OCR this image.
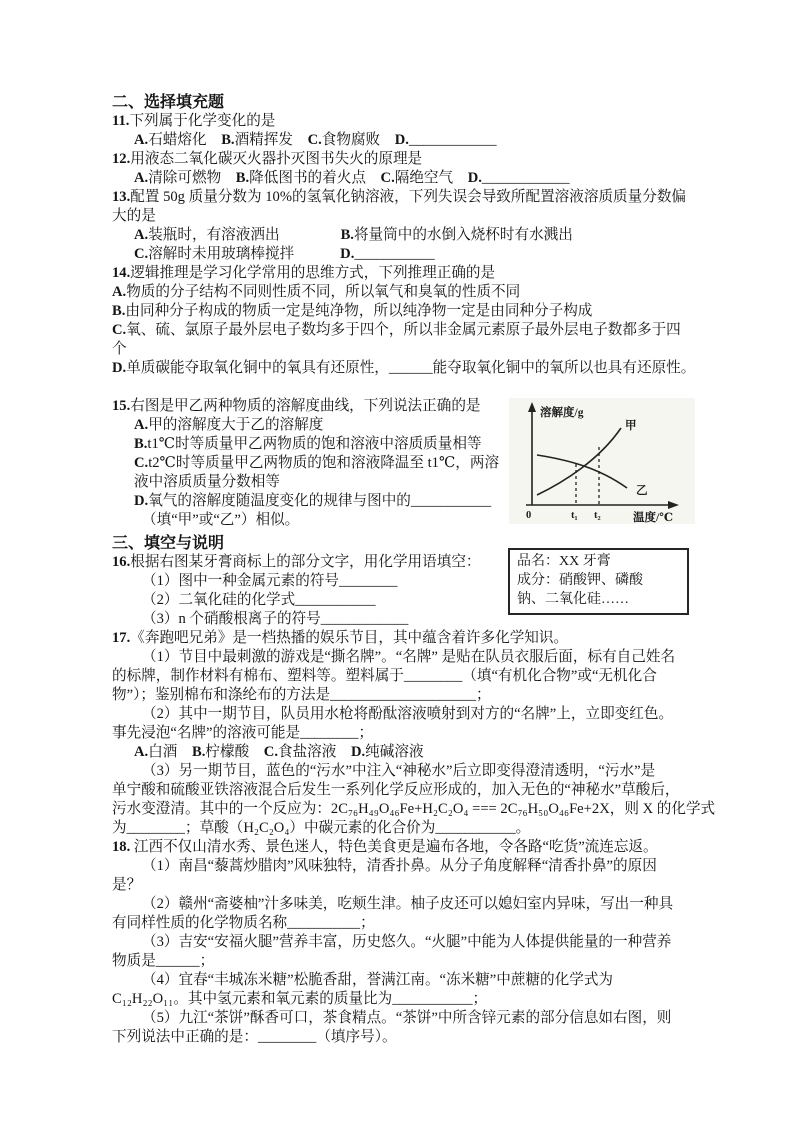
二、选择填充题
11.下列属于化学变化的是
A.石蜡熔化　B.酒精挥发　C.食物腐败　D.____________
12.用液态二氧化碳灭火器扑灭图书失火的原理是
A.清除可燃物　B.降低图书的着火点　C.隔绝空气　D.____________
13.配置 50g 质量分数为 10%的氢氧化钠溶液，下列失误会导致所配置溶液溶质质量分数偏
大的是
A.装瓶时，有溶液洒出	B.将量筒中的水倒入烧杯时有水溅出
C.溶解时未用玻璃棒搅拌	D.___________
14.逻辑推理是学习化学常用的思维方式，下列推理正确的是
A.物质的分子结构不同则性质不同，所以氧气和臭氧的性质不同
B.由同种分子构成的物质一定是纯净物，所以纯净物一定是由同种分子构成
C.氧、硫、氯原子最外层电子数均多于四个，所以非金属元素原子最外层电子数都多于四
个
D.单质碳能夺取氧化铜中的氧具有还原性，______能夺取氧化铜中的氧所以也具有还原性。
15.右图是甲乙两种物质的溶解度曲线，下列说法正确的是
A.甲的溶解度大于乙的溶解度
B.t1℃时等质量甲乙两物质的饱和溶液中溶质质量相等
C.t2℃时等质量甲乙两物质的饱和溶液降温至 t1℃，两溶
液中溶质质量分数相等
D.氧气的溶解度随温度变化的规律与图中的___________
（填“甲”或“乙”）相似。
溶解度/g
甲
乙
0	t₁ t₂	温度/℃
三、填空与说明
16.根据右图某牙膏商标上的部分文字，用化学用语填空：
（1）图中一种金属元素的符号________
（2）二氧化硅的化学式___________
（3）n 个硝酸根离子的符号____________
品名：XX 牙膏
成分：硝酸钾、磷酸
钠、二氧化硅……
17.《奔跑吧兄弟》是一档热播的娱乐节目，其中蕴含着许多化学知识。
（1）节目中最刺激的游戏是“撕名牌”。“名牌” 是贴在队员衣服后面，标有自己姓名
的标牌，制作材料有棉布、塑料等。塑料属于________（填“有机化合物”或“无机化合
物”）；鉴别棉布和涤纶布的方法是____________________；
（2）其中一期节目，队员用水枪将酚酞溶液喷射到对方的“名牌”上，立即变红色。
事先浸泡“名牌”的溶液可能是________；
A.白酒　B.柠檬酸　C.食盐溶液　D.纯碱溶液
（3）另一期节目，蓝色的“污水”中注入“神秘水”后立即变得澄清透明，“污水”是
单宁酸和硫酸亚铁溶液混合后发生一系列化学反应形成的，加入无色的“神秘水”草酸后，
污水变澄清。其中的一个反应为：2C₇₆H₄₉O₄₆Fe+H₂C₂O₄ === 2C₇₆H₅₀O₄₆Fe+2X，则 X 的化学式
为________；草酸（H₂C₂O₄）中碳元素的化合价为___________。
18. 江西不仅山清水秀、景色迷人，特色美食更是遍布各地，令各路“吃货”流连忘返。
（1）南昌“藜蒿炒腊肉”风味独特，清香扑鼻。从分子角度解释“清香扑鼻”的原因
是？
（2）赣州“斋婆柚”汁多味美，吃颊生津。柚子皮还可以媳妇室内异味，写出一种具
有同样性质的化学物质名称__________；
（3）吉安“安福火腿”营养丰富，历史悠久。“火腿”中能为人体提供能量的一种营养
物质是______；
（4）宜春“丰城冻米糖”松脆香甜，誉满江南。“冻米糖”中蔗糖的化学式为
C₁₂H₂₂O₁₁。其中氢元素和氧元素的质量比为___________；
（5）九江“茶饼”酥香可口，茶食精点。“茶饼”中所含锌元素的部分信息如右图，则
下列说法中正确的是：________（填序号）。
